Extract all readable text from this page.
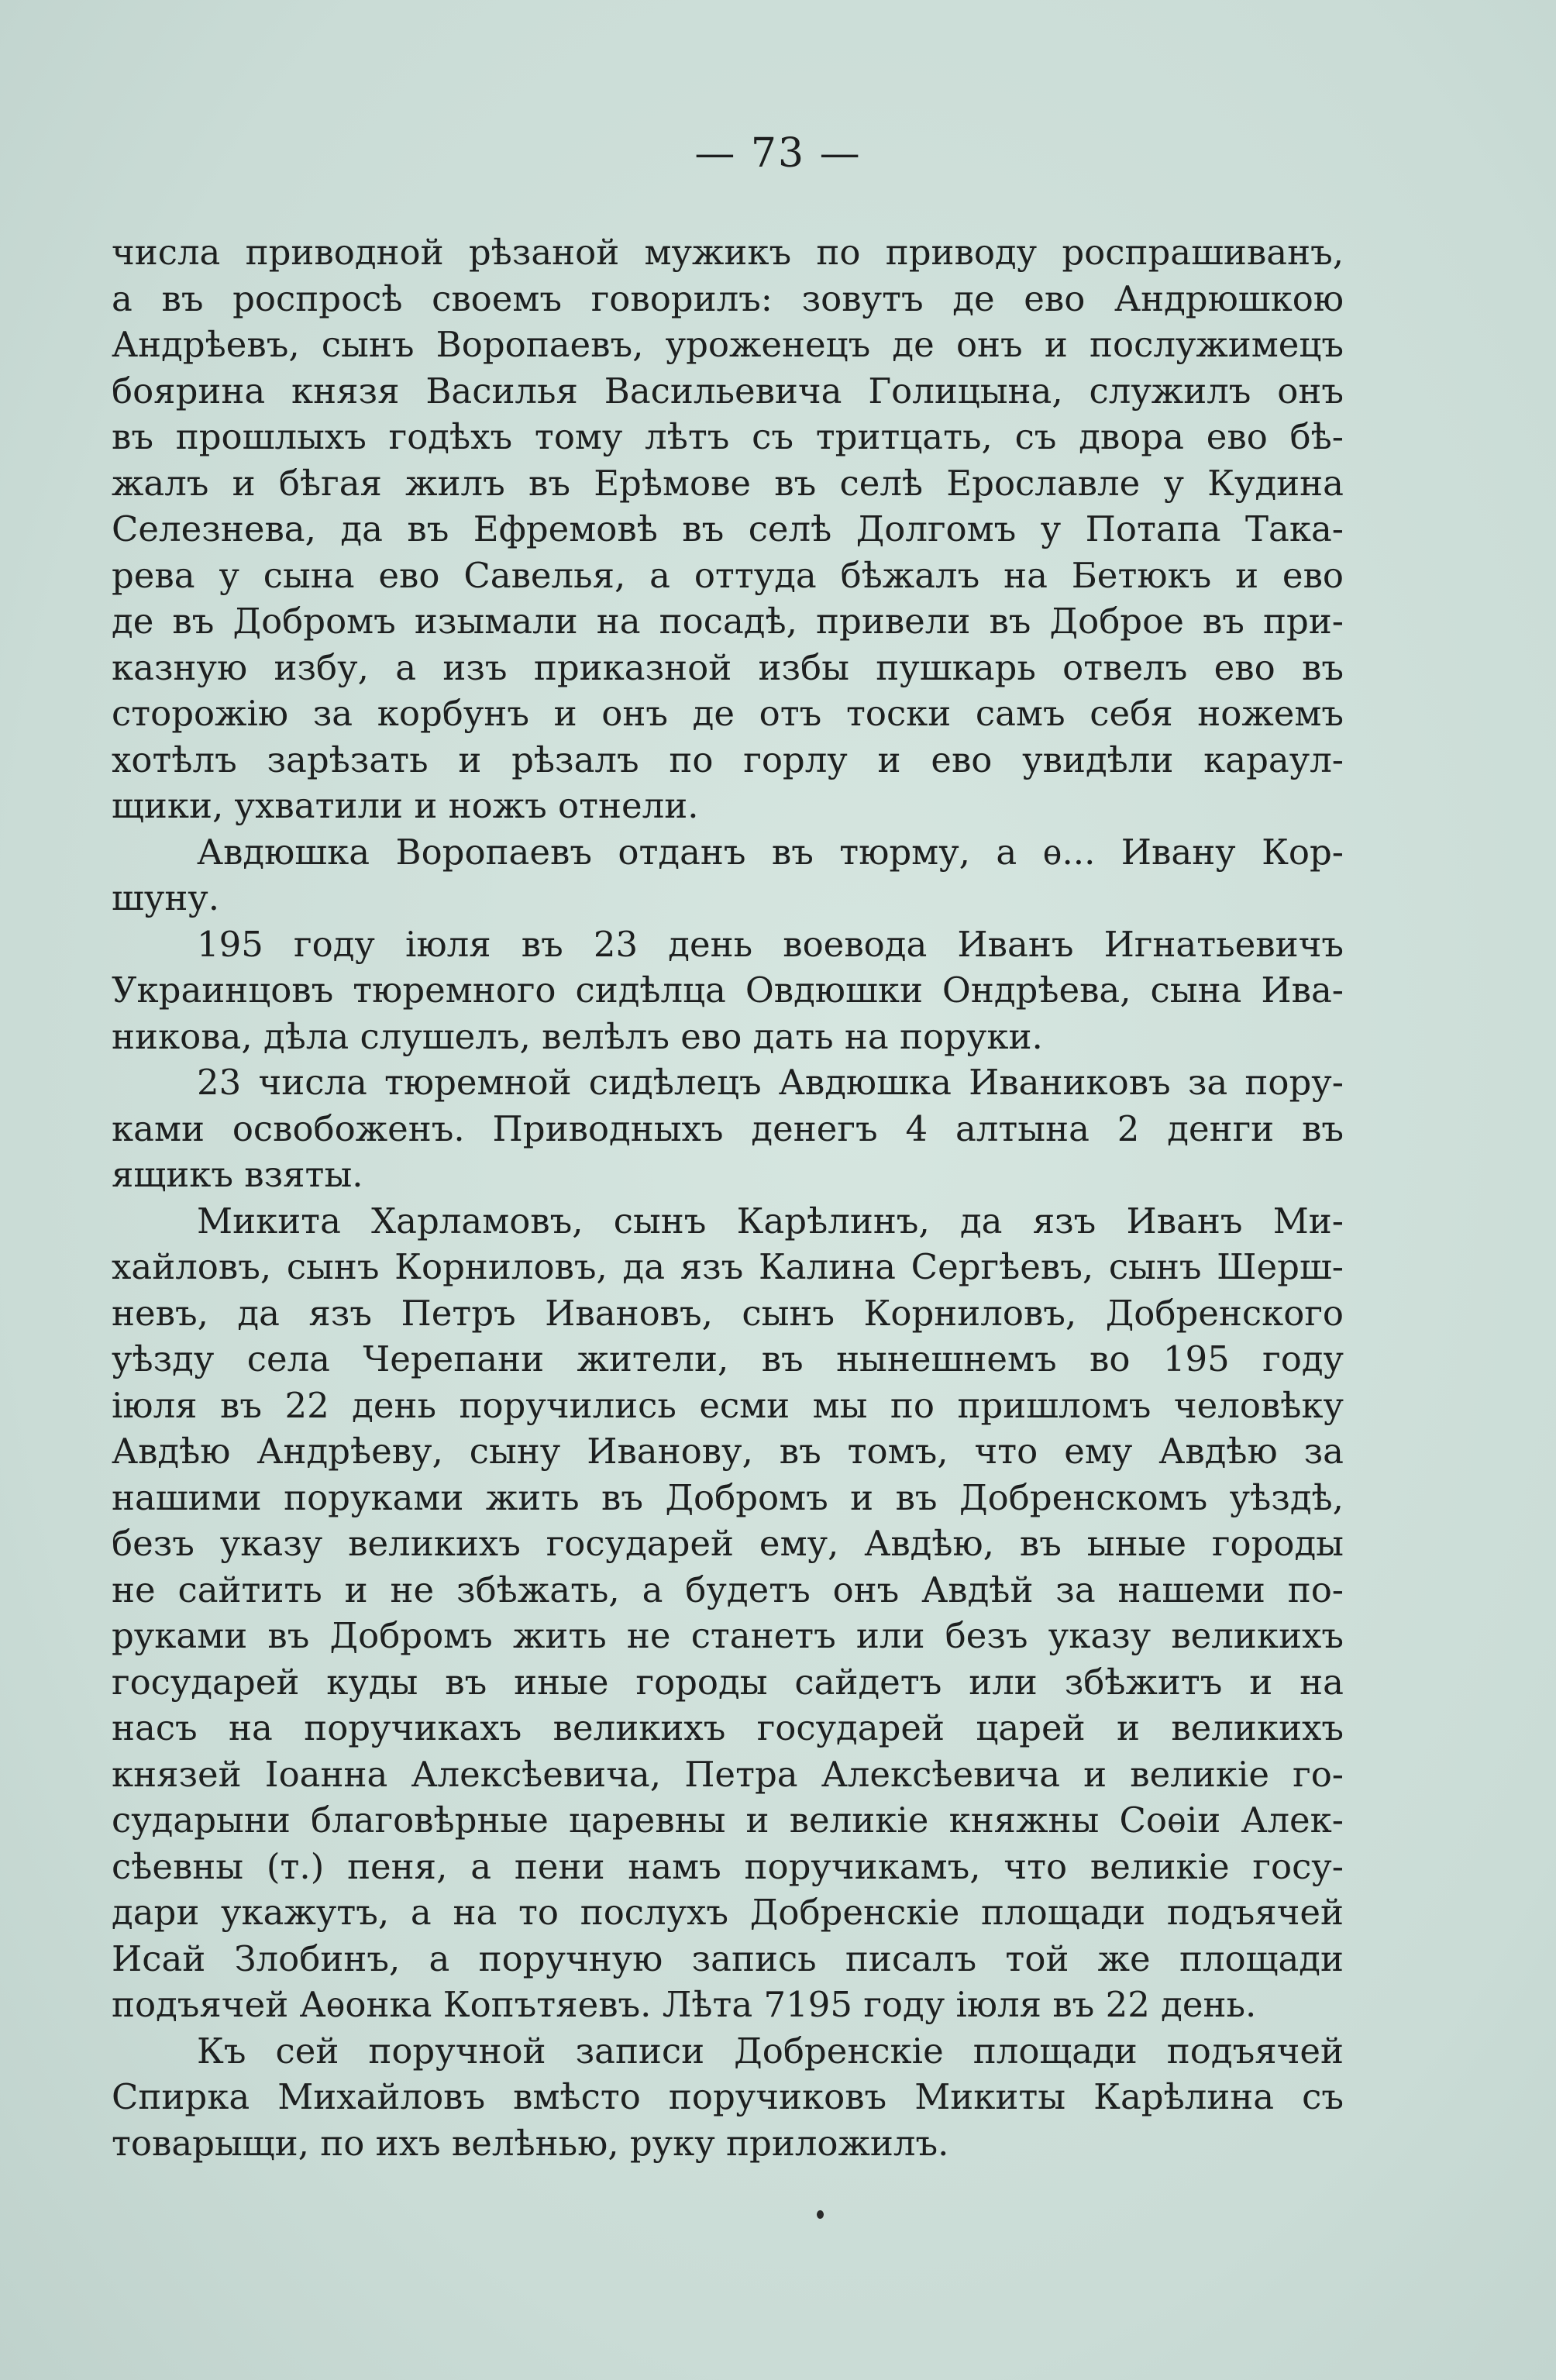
— 73 —
числа приводной рѣзаной мужикъ по приводу роспрашиванъ,
а въ роспросѣ своемъ говорилъ: зовутъ де ево Андрюшкою
Андрѣевъ, сынъ Воропаевъ, уроженецъ де онъ и послужимецъ
боярина князя Василья Васильевича Голицына, служилъ онъ
въ прошлыхъ годѣхъ тому лѣтъ съ тритцать, съ двора ево бѣ-
жалъ и бѣгая жилъ въ Ерѣмове въ селѣ Ерославле у Кудина
Селезнева, да въ Ефремовѣ въ селѣ Долгомъ у Потапа Така-
рева у сына ево Савелья, а оттуда бѣжалъ на Бетюкъ и ево
де въ Добромъ изымали на посадѣ, привели въ Доброе въ при-
казную избу, а изъ приказной избы пушкарь отвелъ ево въ
сторожію за корбунъ и онъ де отъ тоски самъ себя ножемъ
хотѣлъ зарѣзать и рѣзалъ по горлу и ево увидѣли караул-
щики, ухватили и ножъ отнели.
Авдюшка Воропаевъ отданъ въ тюрму, а ѳ... Ивану Кор-
шуну.
195 году іюля въ 23 день воевода Иванъ Игнатьевичъ
Украинцовъ тюремного сидѣлца Овдюшки Ондрѣева, сына Ива-
никова, дѣла слушелъ, велѣлъ ево дать на поруки.
23 числа тюремной сидѣлецъ Авдюшка Иваниковъ за пору-
ками освобоженъ. Приводныхъ денегъ 4 алтына 2 денги въ
ящикъ взяты.
Микита Харламовъ, сынъ Карѣлинъ, да язъ Иванъ Ми-
хайловъ, сынъ Корниловъ, да язъ Калина Сергѣевъ, сынъ Шерш-
невъ, да язъ Петръ Ивановъ, сынъ Корниловъ, Добренского
уѣзду села Черепани жители, въ нынешнемъ во 195 году
іюля въ 22 день поручились есми мы по пришломъ человѣку
Авдѣю Андрѣеву, сыну Иванову, въ томъ, что ему Авдѣю за
нашими поруками жить въ Добромъ и въ Добренскомъ уѣздѣ,
безъ указу великихъ государей ему, Авдѣю, въ ыные городы
не сайтить и не збѣжать, а будетъ онъ Авдѣй за нашеми по-
руками въ Добромъ жить не станетъ или безъ указу великихъ
государей куды въ иные городы сайдетъ или збѣжитъ и на
насъ на поручикахъ великихъ государей царей и великихъ
князей Іоанна Алексѣевича, Петра Алексѣевича и великіе го-
сударыни благовѣрные царевны и великіе княжны Соѳіи Алек-
сѣевны (т.) пеня, а пени намъ поручикамъ, что великіе госу-
дари укажутъ, а на то послухъ Добренскіе площади подъячей
Исай Злобинъ, а поручную запись писалъ той же площади
подъячей Аѳонка Копътяевъ. Лѣта 7195 году іюля въ 22 день.
Къ сей поручной записи Добренскіе площади подъячей
Спирка Михайловъ вмѣсто поручиковъ Микиты Карѣлина съ
товарыщи, по ихъ велѣнью, руку приложилъ.
